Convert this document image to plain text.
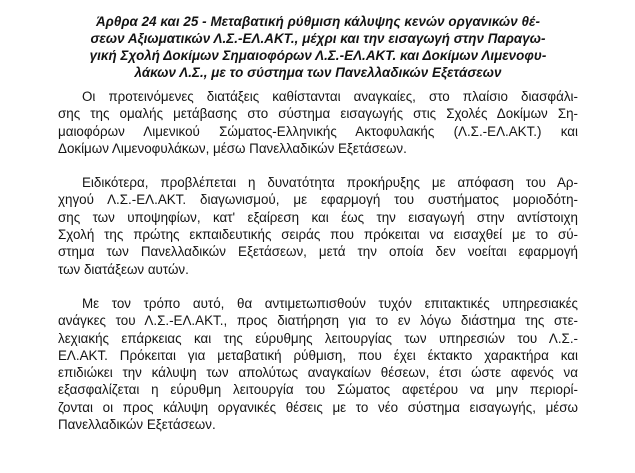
Άρθρα 24 και 25 - Μεταβατική ρύθμιση κάλυψης κενών οργανικών θέ-
σεων Αξιωματικών Λ.Σ.-ΕΛ.ΑΚΤ., μέχρι και την εισαγωγή στην Παραγω-
γική Σχολή Δοκίμων Σημαιοφόρων Λ.Σ.-ΕΛ.ΑΚΤ. και Δοκίμων Λιμενοφυ-
λάκων Λ.Σ., με το σύστημα των Πανελλαδικών Εξετάσεων
Οι προτεινόμενες διατάξεις καθίστανται αναγκαίες, στο πλαίσιο διασφάλι-
σης της ομαλής μετάβασης στο σύστημα εισαγωγής στις Σχολές Δοκίμων Ση-
μαιοφόρων Λιμενικού Σώματος-Ελληνικής Ακτοφυλακής (Λ.Σ.-ΕΛ.ΑΚΤ.) και
Δοκίμων Λιμενοφυλάκων, μέσω Πανελλαδικών Εξετάσεων.
Ειδικότερα, προβλέπεται η δυνατότητα προκήρυξης με απόφαση του Αρ-
χηγού Λ.Σ.-ΕΛ.ΑΚΤ. διαγωνισμού, με εφαρμογή του συστήματος μοριοδότη-
σης των υποψηφίων, κατ' εξαίρεση και έως την εισαγωγή στην αντίστοιχη
Σχολή της πρώτης εκπαιδευτικής σειράς που πρόκειται να εισαχθεί με το σύ-
στημα των Πανελλαδικών Εξετάσεων, μετά την οποία δεν νοείται εφαρμογή
των διατάξεων αυτών.
Με τον τρόπο αυτό, θα αντιμετωπισθούν τυχόν επιτακτικές υπηρεσιακές
ανάγκες του Λ.Σ.-ΕΛ.ΑΚΤ., προς διατήρηση για το εν λόγω διάστημα της στε-
λεχιακής επάρκειας και της εύρυθμης λειτουργίας των υπηρεσιών του Λ.Σ.-
ΕΛ.ΑΚΤ. Πρόκειται για μεταβατική ρύθμιση, που έχει έκτακτο χαρακτήρα και
επιδιώκει την κάλυψη των απολύτως αναγκαίων θέσεων, έτσι ώστε αφενός να
εξασφαλίζεται η εύρυθμη λειτουργία του Σώματος αφετέρου να μην περιορί-
ζονται οι προς κάλυψη οργανικές θέσεις με το νέο σύστημα εισαγωγής, μέσω
Πανελλαδικών Εξετάσεων.
